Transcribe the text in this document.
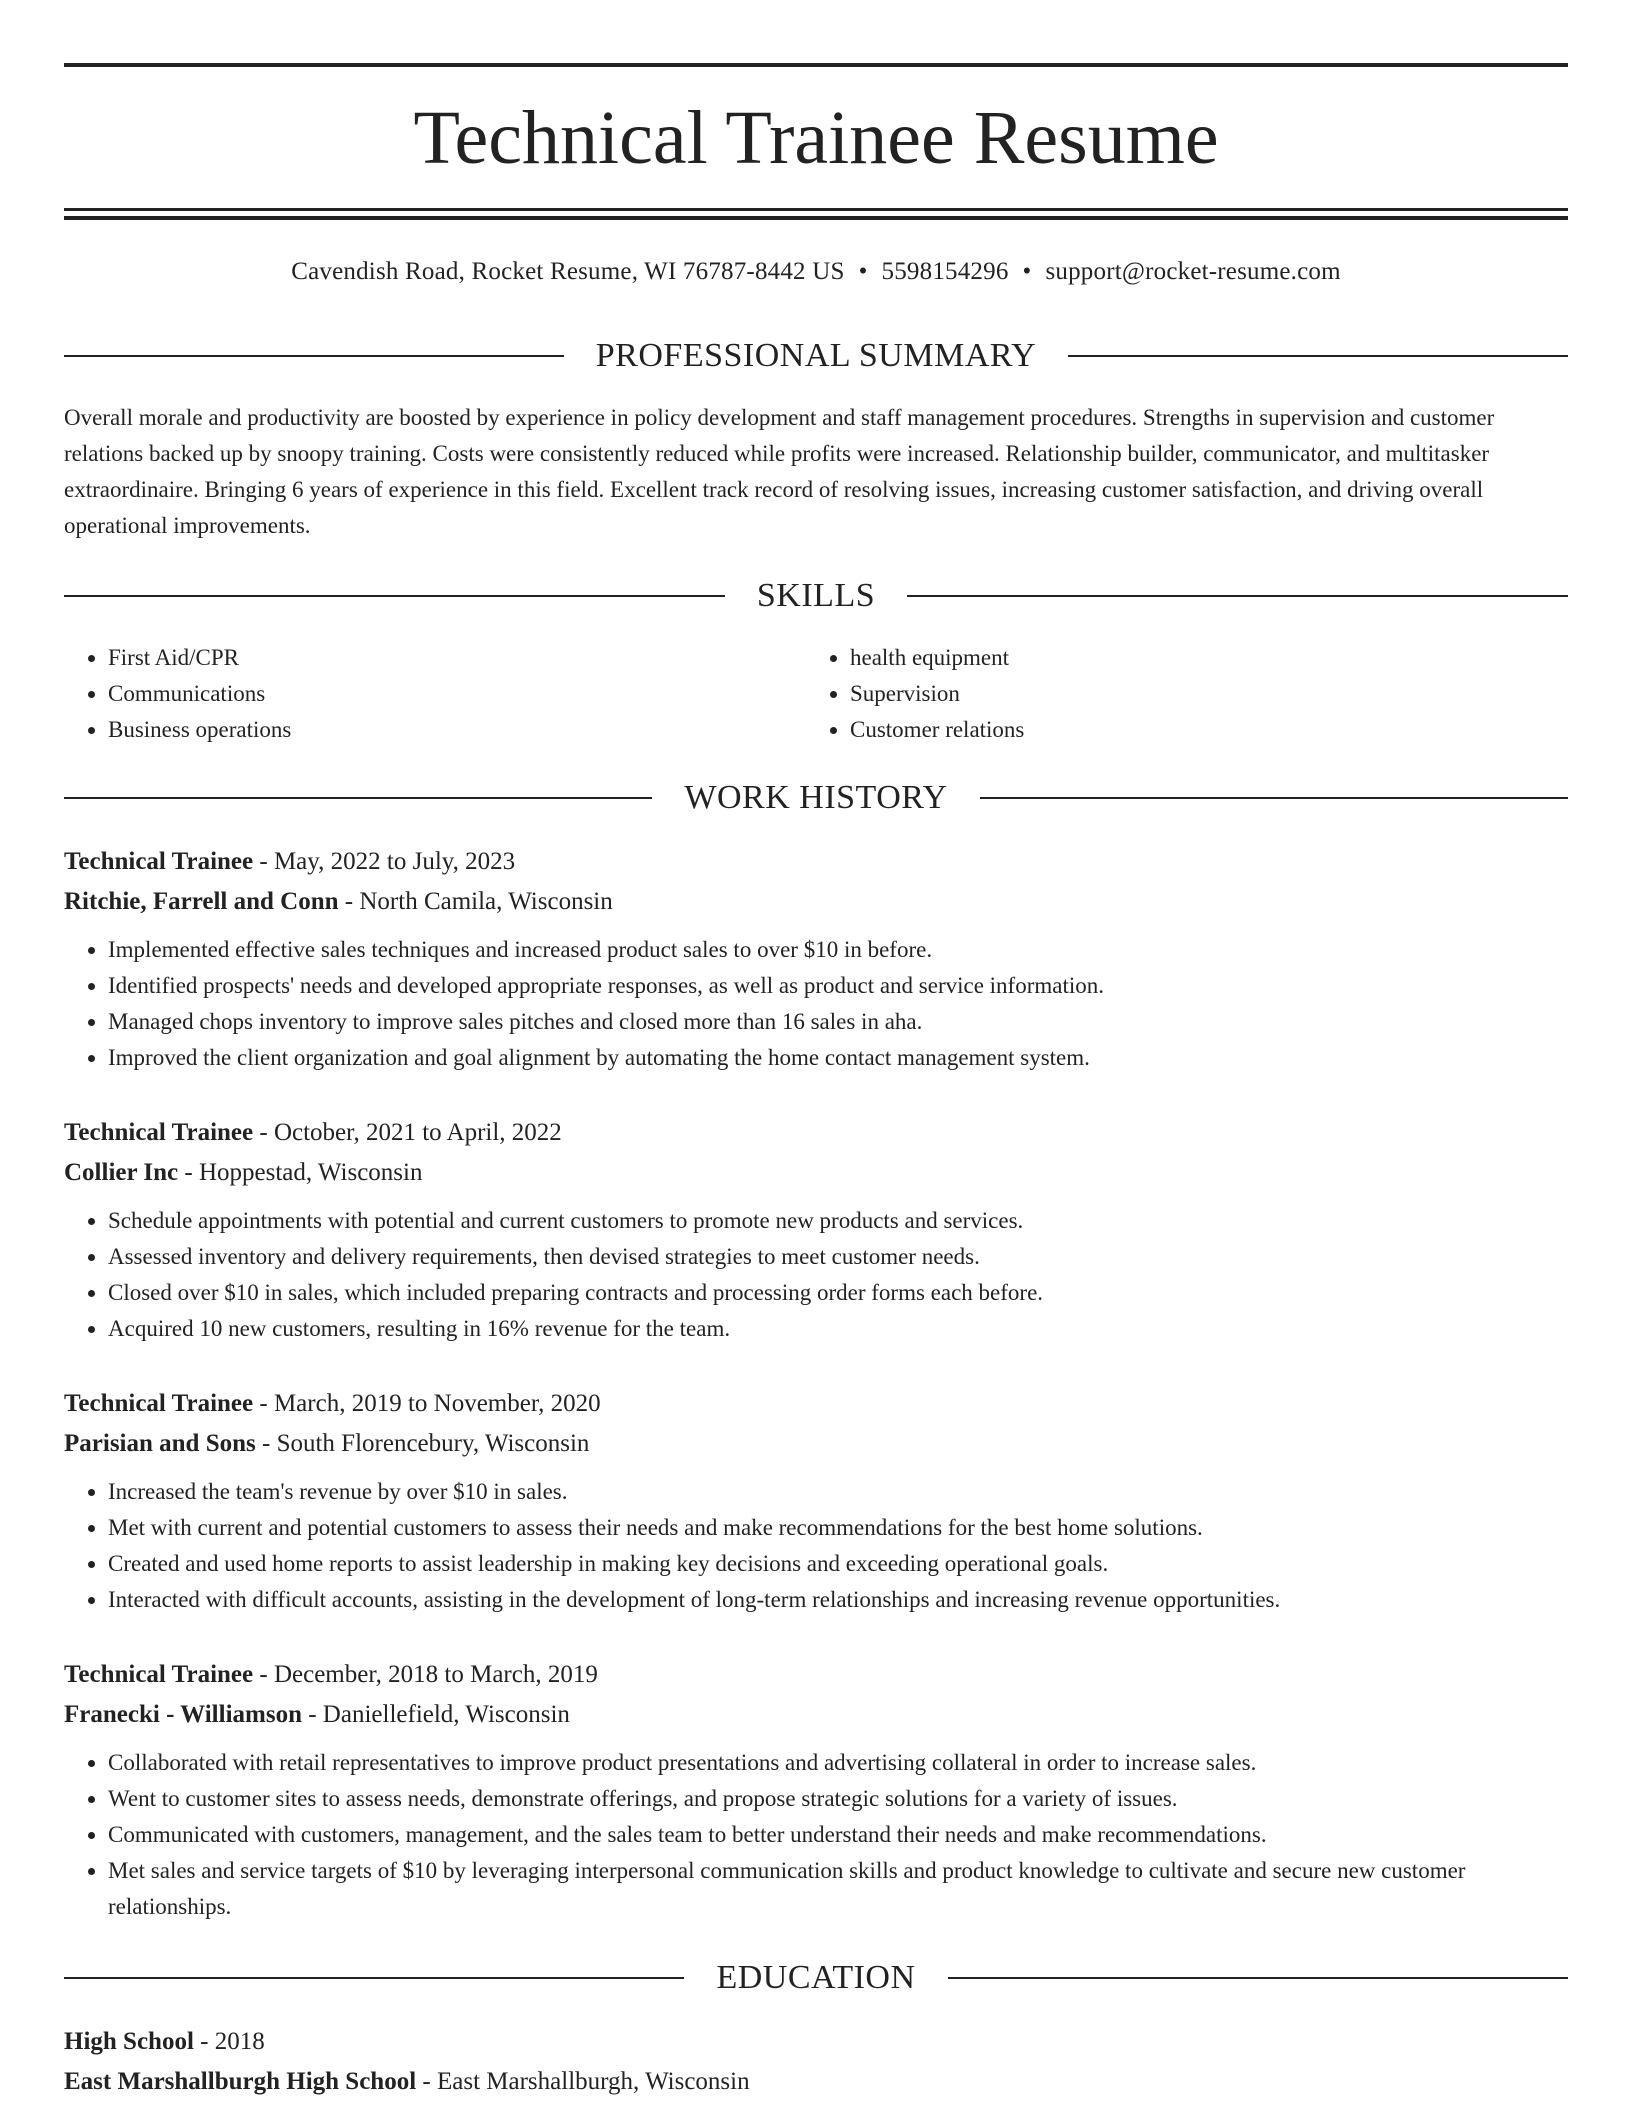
Technical Trainee Resume
Cavendish Road, Rocket Resume, WI 76787-8442 US • 5598154296 • support@rocket-resume.com
PROFESSIONAL SUMMARY

Overall morale and productivity are boosted by experience in policy development and staff management procedures. Strengths in supervision and customer relations backed up by snoopy training. Costs were consistently reduced while profits were increased. Relationship builder, communicator, and multitasker extraordinaire. Bringing 6 years of experience in this field. Excellent track record of resolving issues, increasing customer satisfaction, and driving overall operational improvements.

SKILLS
• First Aid/CPR
• Communications
• Business operations
• health equipment
• Supervision
• Customer relations
WORK HISTORY
Technical Trainee - May, 2022 to July, 2023
Ritchie, Farrell and Conn - North Camila, Wisconsin
• Implemented effective sales techniques and increased product sales to over $10 in before.
• Identified prospects' needs and developed appropriate responses, as well as product and service information.
• Managed chops inventory to improve sales pitches and closed more than 16 sales in aha.
• Improved the client organization and goal alignment by automating the home contact management system.
Technical Trainee - October, 2021 to April, 2022
Collier Inc - Hoppestad, Wisconsin
• Schedule appointments with potential and current customers to promote new products and services.
• Assessed inventory and delivery requirements, then devised strategies to meet customer needs.
• Closed over $10 in sales, which included preparing contracts and processing order forms each before.
• Acquired 10 new customers, resulting in 16% revenue for the team.
Technical Trainee - March, 2019 to November, 2020
Parisian and Sons - South Florencebury, Wisconsin
• Increased the team's revenue by over $10 in sales.
• Met with current and potential customers to assess their needs and make recommendations for the best home solutions.
• Created and used home reports to assist leadership in making key decisions and exceeding operational goals.
• Interacted with difficult accounts, assisting in the development of long-term relationships and increasing revenue opportunities.
Technical Trainee - December, 2018 to March, 2019
Franecki - Williamson - Daniellefield, Wisconsin
• Collaborated with retail representatives to improve product presentations and advertising collateral in order to increase sales.
• Went to customer sites to assess needs, demonstrate offerings, and propose strategic solutions for a variety of issues.
• Communicated with customers, management, and the sales team to better understand their needs and make recommendations.
• Met sales and service targets of $10 by leveraging interpersonal communication skills and product knowledge to cultivate and secure new customer relationships.
EDUCATION
High School - 2018
East Marshallburgh High School - East Marshallburgh, Wisconsin
